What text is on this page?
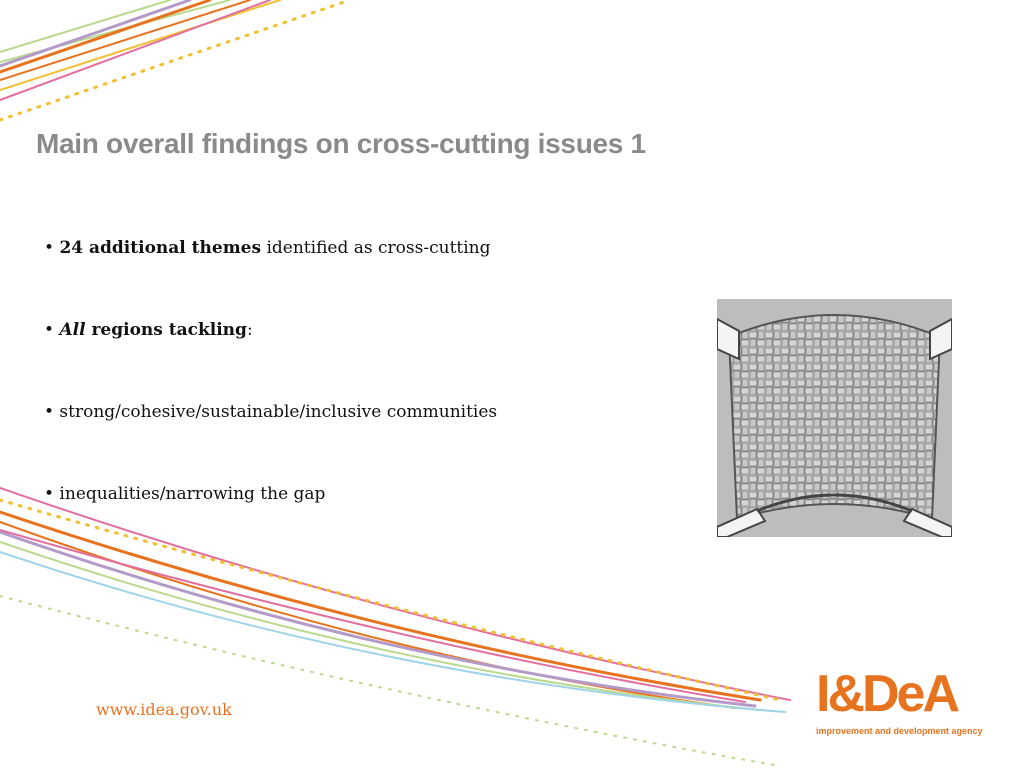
Main overall findings on cross-cutting issues 1
• 24 additional themes identified as cross-cutting
• All regions tackling:
• strong/cohesive/sustainable/inclusive communities
• inequalities/narrowing the gap
www.idea.gov.uk	I&DeA
improvement and development agency
